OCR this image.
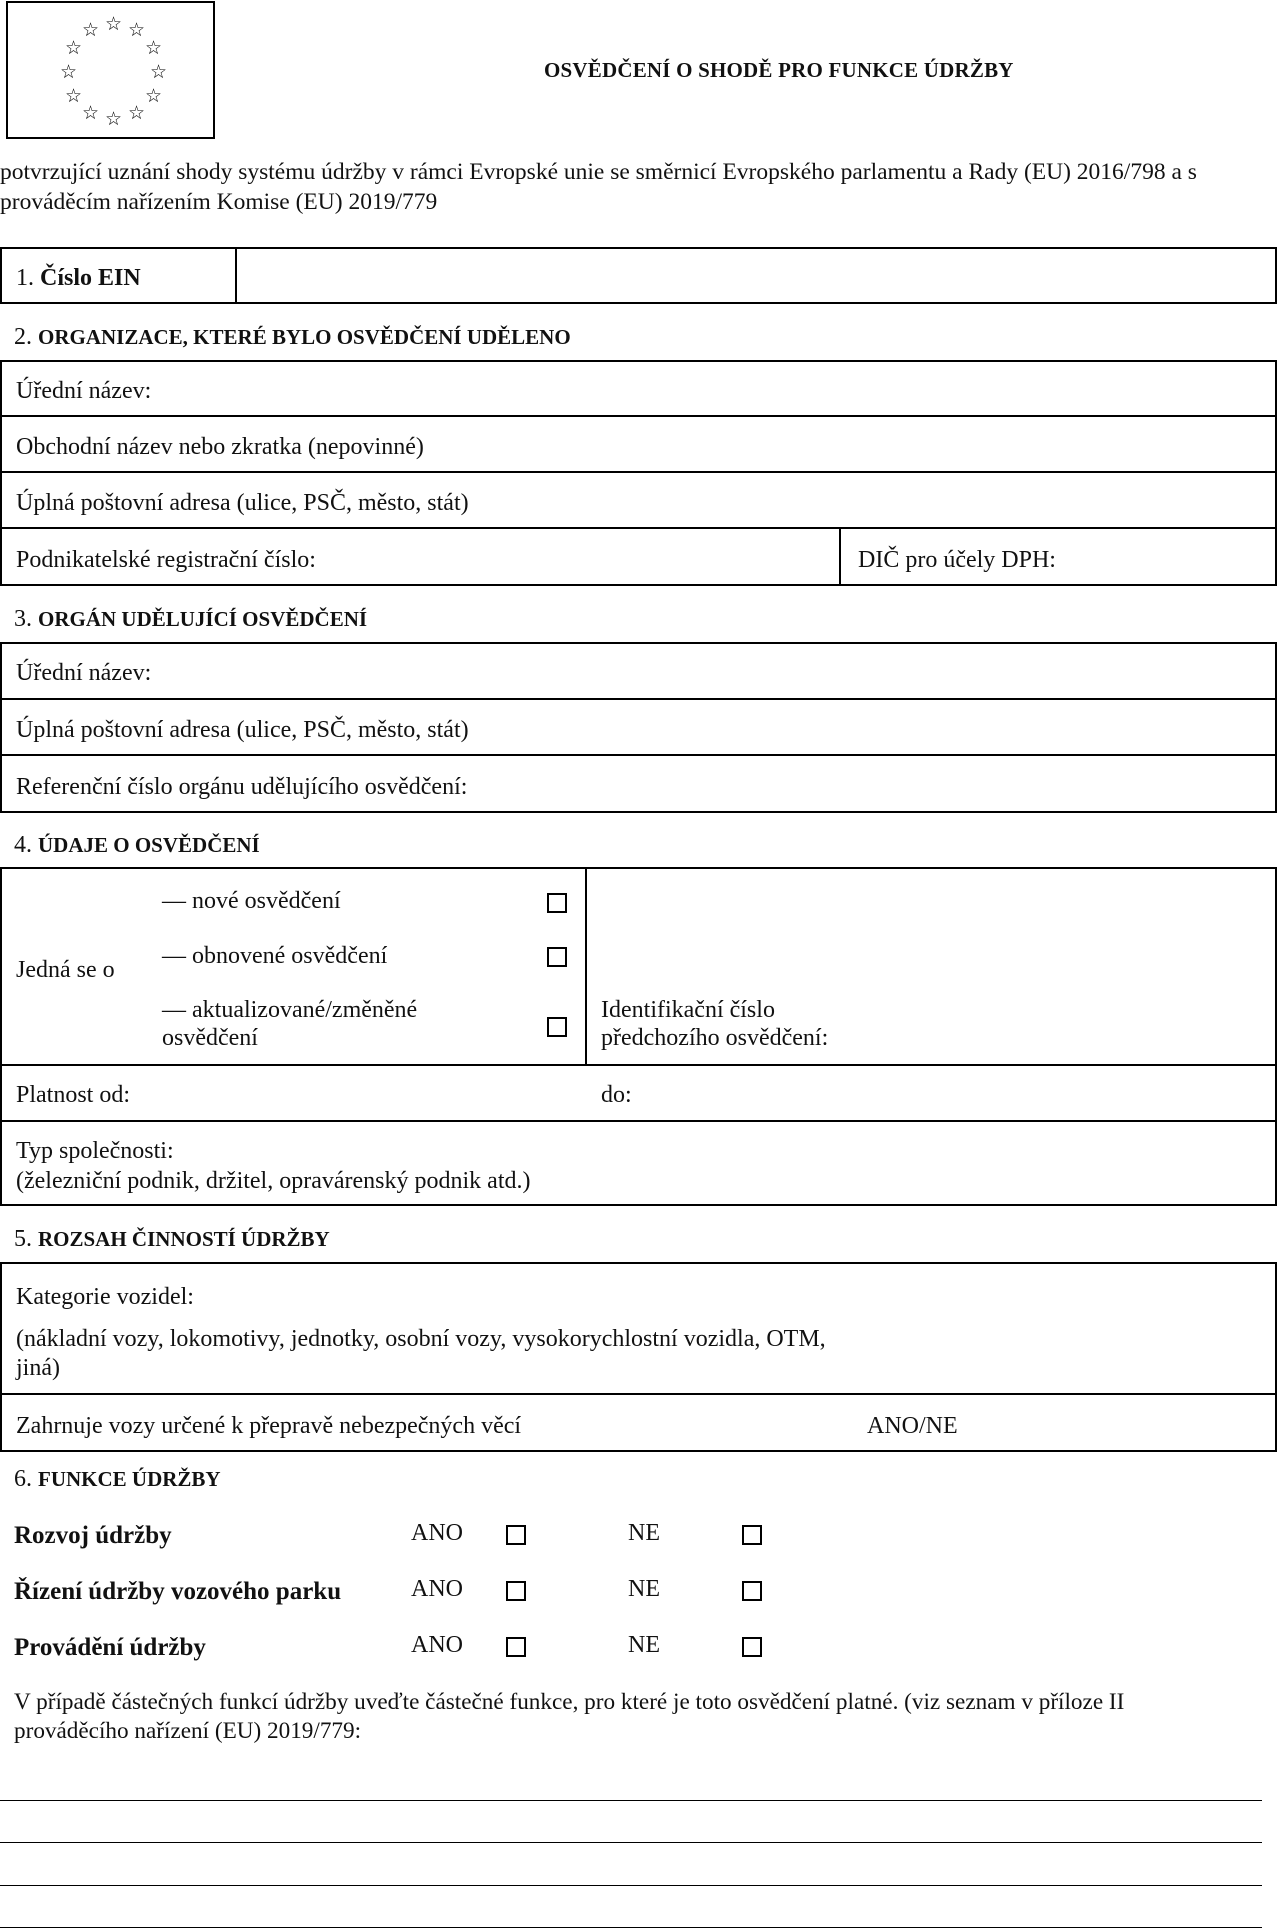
☆ ☆
☆
☆
☆
☆
☆
☆
☆
☆
☆
☆
OSVĚDČENÍ O SHODĚ PRO FUNKCE ÚDRŽBY
potvrzující uznání shody systému údržby v rámci Evropské unie se směrnicí Evropského parlamentu a Rady (EU) 2016/798 a s
prováděcím nařízením Komise (EU) 2019/779
1. Číslo EIN
2. ORGANIZACE, KTERÉ BYLO OSVĚDČENÍ UDĚLENO
Úřední název:
Obchodní název nebo zkratka (nepovinné)
Úplná poštovní adresa (ulice, PSČ, město, stát)
Podnikatelské registrační číslo:	DIČ pro účely DPH:
3. ORGÁN UDĚLUJÍCÍ OSVĚDČENÍ
Úřední název:
Úplná poštovní adresa (ulice, PSČ, město, stát)
Referenční číslo orgánu udělujícího osvědčení:
4. ÚDAJE O OSVĚDČENÍ
Jedná se o
— nové osvědčení
— obnovené osvědčení
— aktualizované/změněné
osvědčení
Identifikační číslo
předchozího osvědčení:
Platnost od:	do:
Typ společnosti:
(železniční podnik, držitel, opravárenský podnik atd.)
5. ROZSAH ČINNOSTÍ ÚDRŽBY
Kategorie vozidel:
(nákladní vozy, lokomotivy, jednotky, osobní vozy, vysokorychlostní vozidla, OTM,
jiná)
Zahrnuje vozy určené k přepravě nebezpečných věcí	ANO/NE
6. FUNKCE ÚDRŽBY
Rozvoj údržby	ANO	NE
Řízení údržby vozového parku	ANO	NE
Provádění údržby	ANO	NE
V případě částečných funkcí údržby uveďte částečné funkce, pro které je toto osvědčení platné. (viz seznam v příloze II
prováděcího nařízení (EU) 2019/779:
